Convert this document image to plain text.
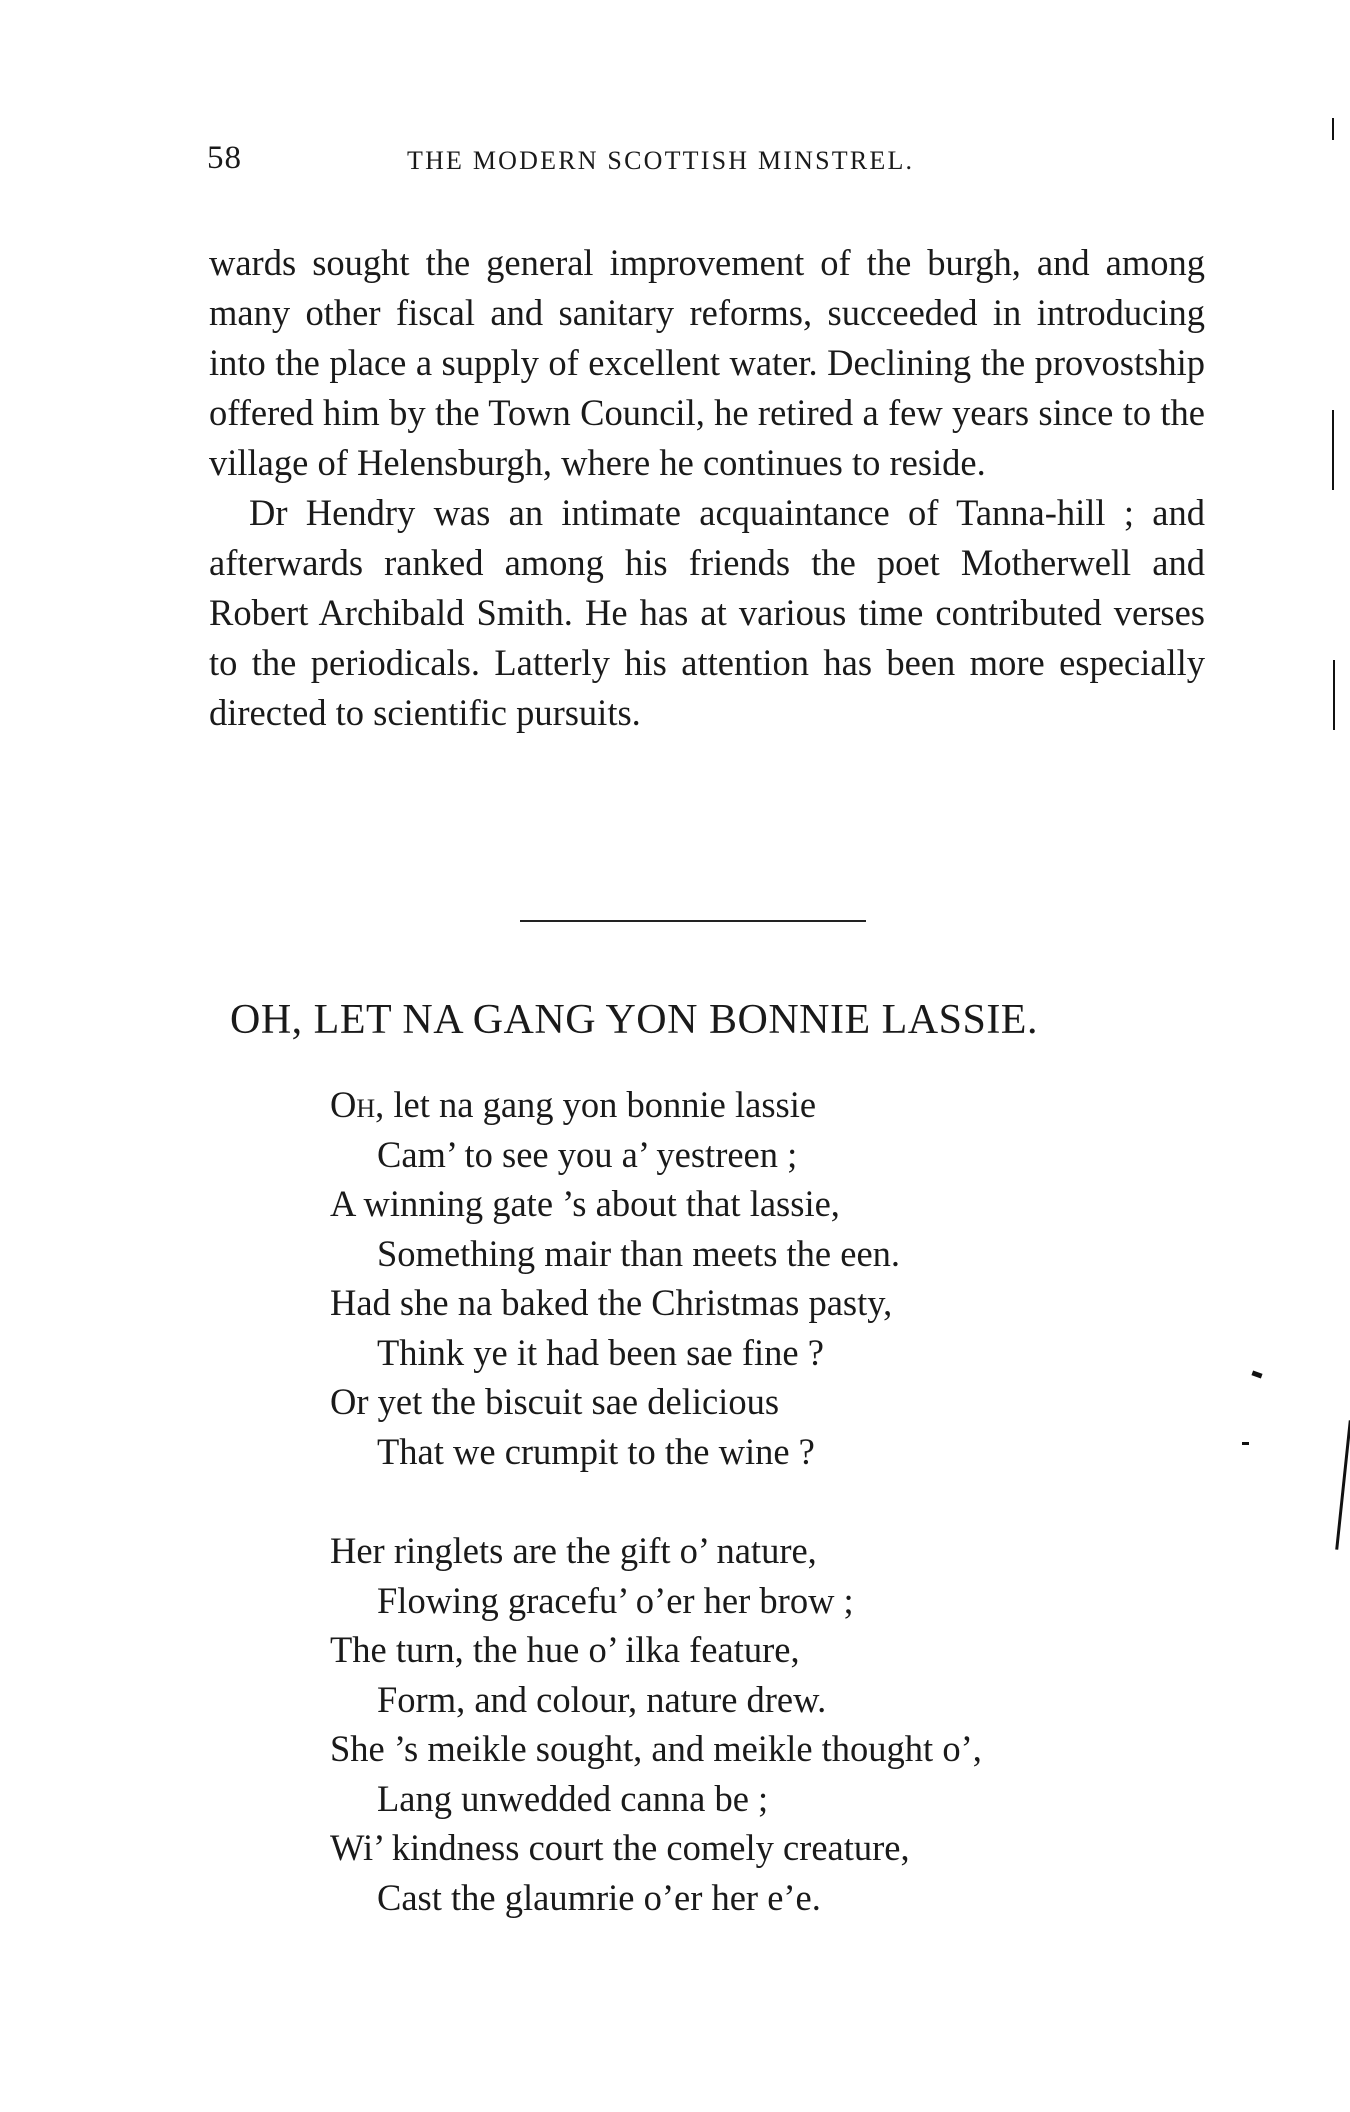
58	THE MODERN SCOTTISH MINSTREL.

wards sought the general improvement of the burgh, and among many other fiscal and sanitary reforms, succeeded in introducing into the place a supply of excellent water. Declining the provostship offered him by the Town Council, he retired a few years since to the village of Helensburgh, where he continues to reside.

Dr Hendry was an intimate acquaintance of Tanna-hill ; and afterwards ranked among his friends the poet Motherwell and Robert Archibald Smith. He has at various time contributed verses to the periodicals. Latterly his attention has been more especially directed to scientific pursuits.

OH, LET NA GANG YON BONNIE LASSIE.
Oh, let na gang yon bonnie lassie
Cam’ to see you a’ yestreen ;
A winning gate ’s about that lassie,
Something mair than meets the een.
Had she na baked the Christmas pasty,
Think ye it had been sae fine ?
Or yet the biscuit sae delicious
That we crumpit to the wine ?
Her ringlets are the gift o’ nature,
Flowing gracefu’ o’er her brow ;
The turn, the hue o’ ilka feature,
Form, and colour, nature drew.
She ’s meikle sought, and meikle thought o’,
Lang unwedded canna be ;
Wi’ kindness court the comely creature,
Cast the glaumrie o’er her e’e.
